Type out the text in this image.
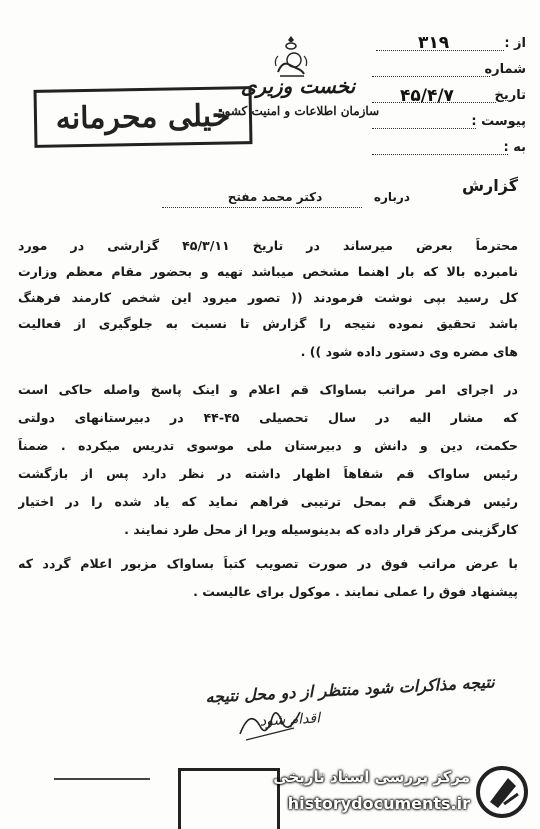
از :
۳۱۹
شماره
تاریخ
۴۵/۴/۷
پیوست :
به :
نخست وزیری
سازمان اطلاعات و امنیت کشور
خیلی محرمانه
گزارش
درباره
دکتر محمد مفتح
محترماً بعرض میرساند در تاریخ ۴۵/۳/۱۱ گزارشی در مورد
نامبرده بالا که بار اهنما مشخص میباشد تهیه و بحضور مقام معظم وزارت
کل رسید بپی نوشت فرمودند (( تصور میرود این شخص کارمند فرهنگ
باشد تحقیق نموده نتیجه را گزارش تا نسبت به جلوگیری از فعالیت
های مضره وی دستور داده شود )) .
در اجرای امر مراتب بساواک قم اعلام و اینک پاسخ واصله حاکی است
که مشار الیه در سال تحصیلی ۴۵-۴۴ در دبیرستانهای دولتی
حکمت، دین و دانش و دبیرستان ملی موسوی تدریس میکرده . ضمناً
رئیس ساواک قم شفاهاً اظهار داشته در نظر دارد پس از بازگشت
رئیس فرهنگ قم بمحل ترتیبی فراهم نماید که یاد شده را در اختیار
کارگزینی مرکز قرار داده که بدینوسیله ویرا از محل طرد نمایند .
با عرض مراتب فوق در صورت تصویب کتباً بساواک مزبور اعلام گردد که
پیشنهاد فوق را عملی نمایند . موکول برای عالیست .
نتیجه مذاکرات شود منتظر از دو محل نتیجه
اقدام شود
مرکز بررسی اسناد تاریخی
historydocuments.ir
